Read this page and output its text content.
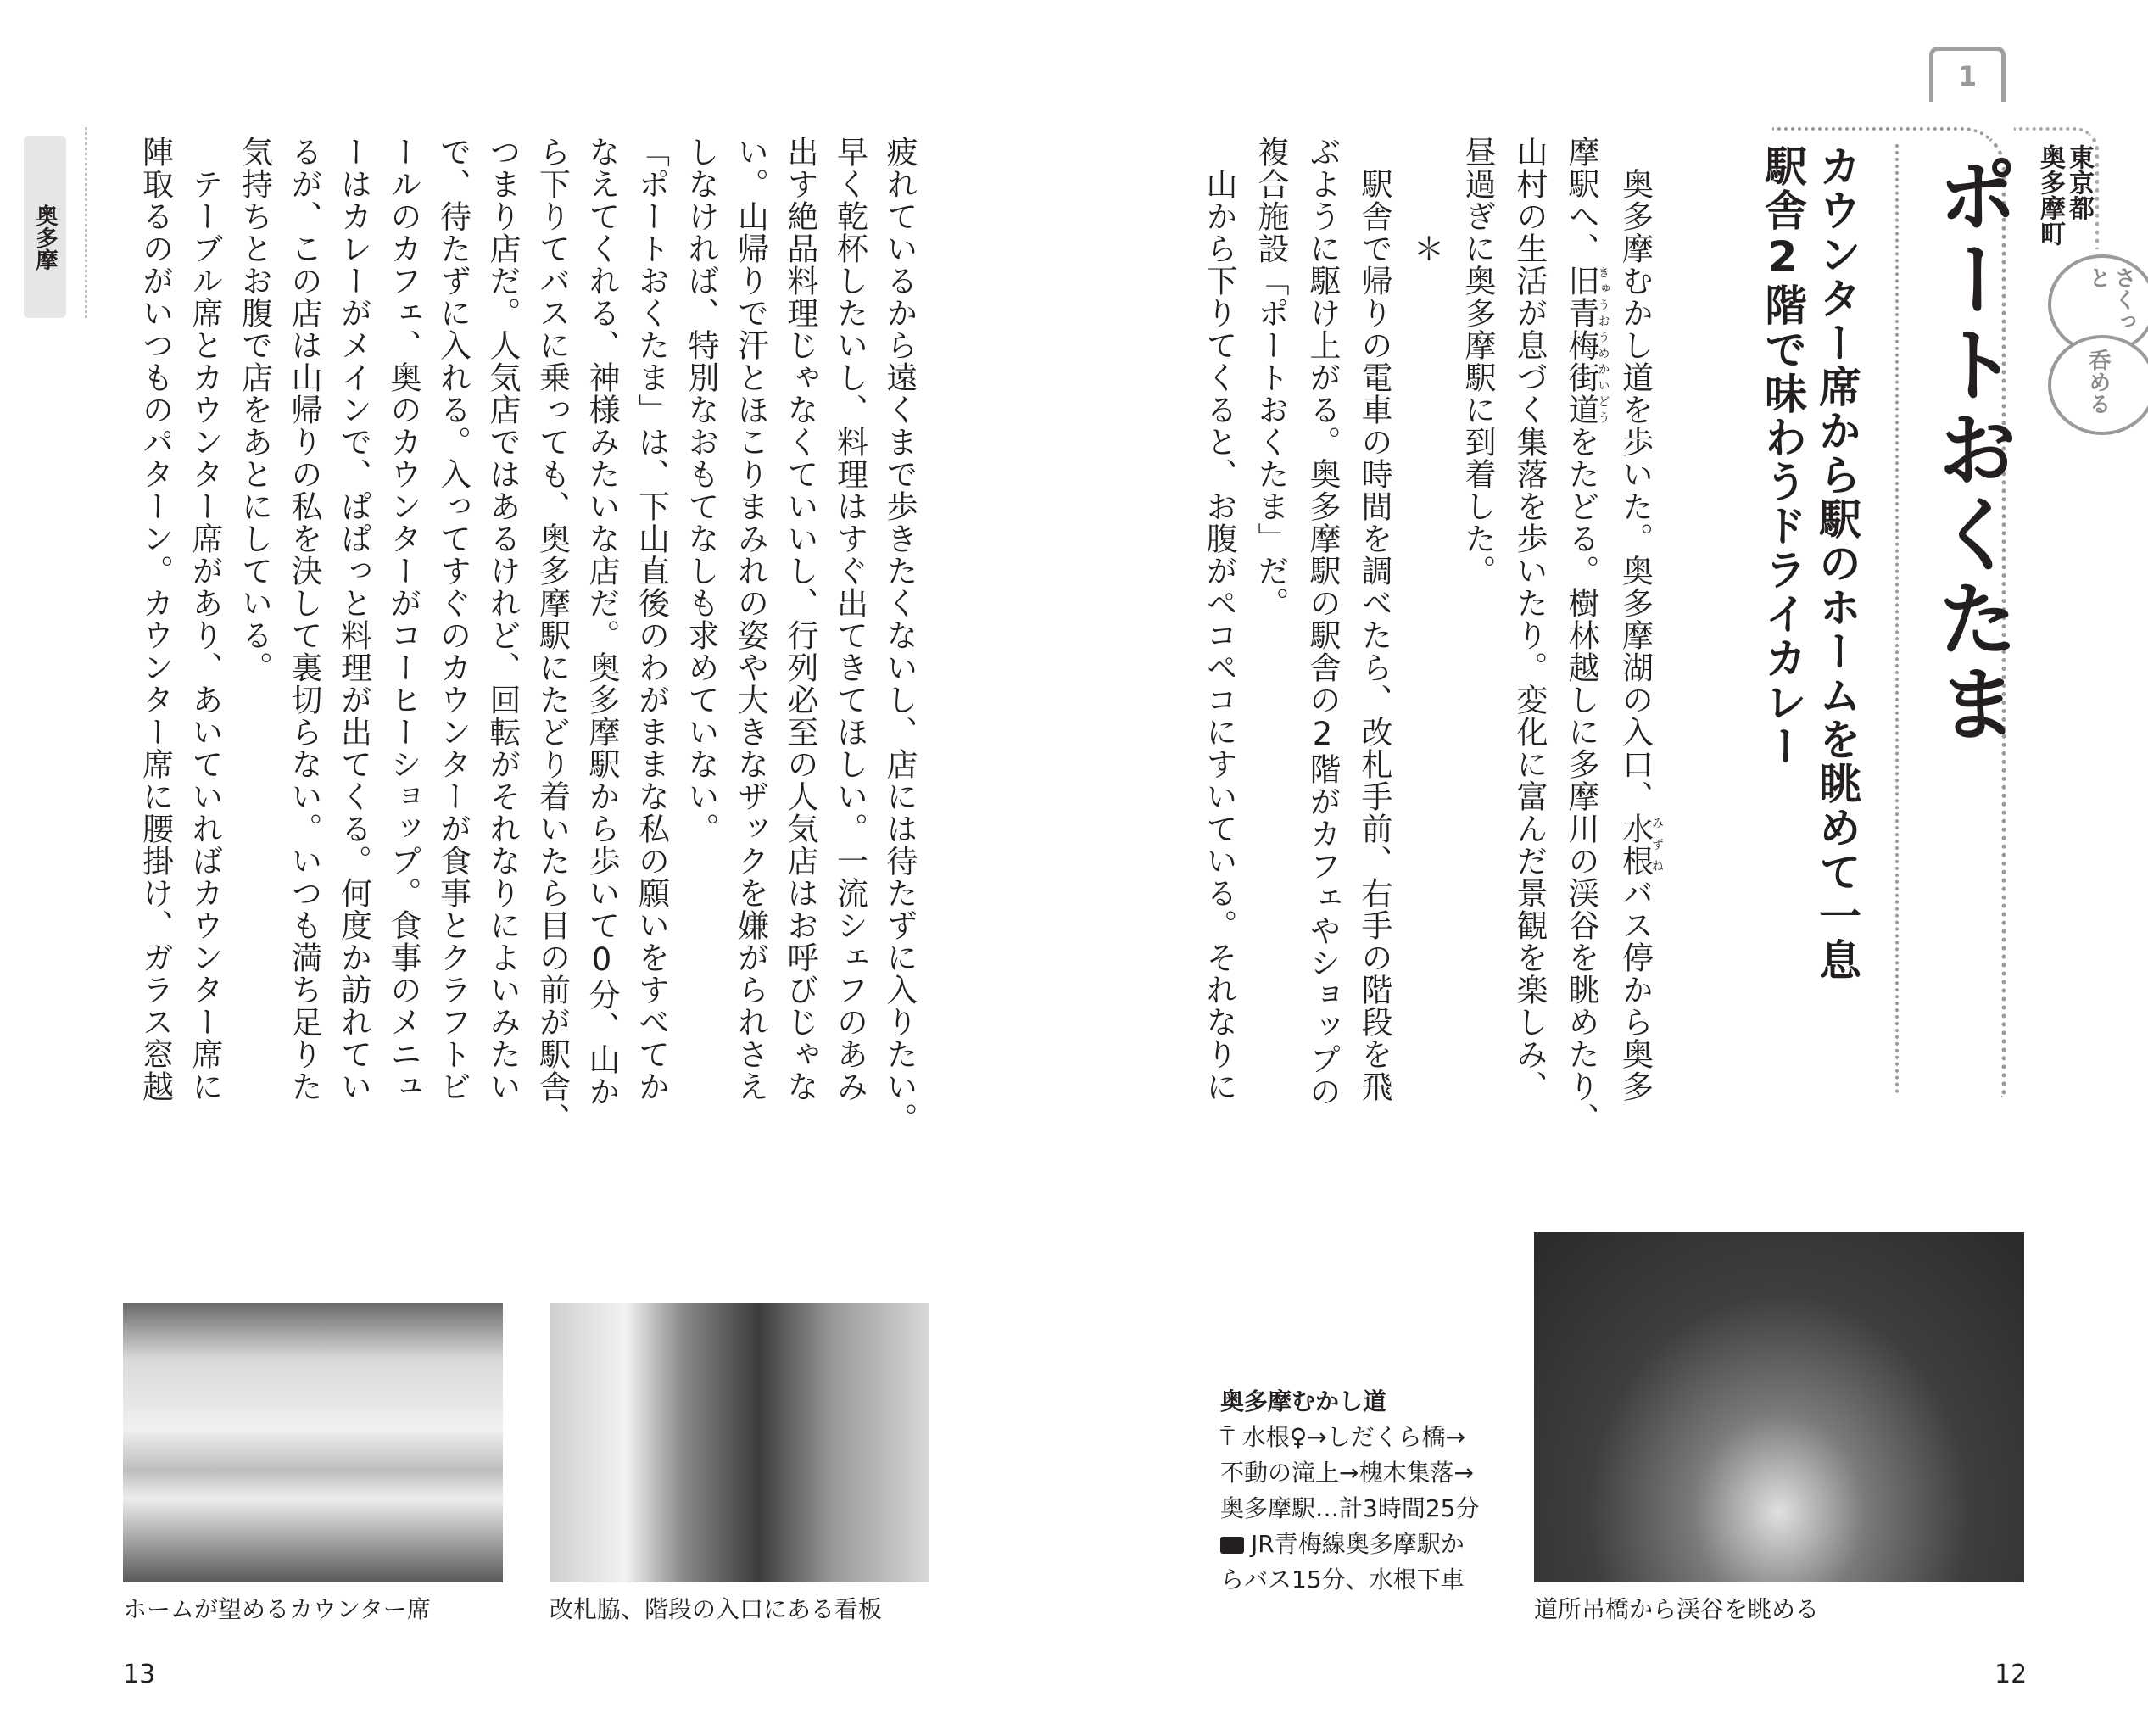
奥多摩
1
ポートおくたま
カウンター席から駅のホームを眺めて一息
駅舎2階で味わうドライカレー	東京都
奥多摩町
さくっと
呑める
　奥多摩むかし道を歩いた。奥多摩湖の入口、水根みずねバス停から奥多
摩駅へ、旧青梅街道きゅうおうめかいどうをたどる。樹林越しに多摩川の渓谷を眺めたり、
山村の生活が息づく集落を歩いたり。変化に富んだ景観を楽しみ、
昼過ぎに奥多摩駅に到着した。
　　　＊
　駅舎で帰りの電車の時間を調べたら、改札手前、右手の階段を飛
ぶように駆け上がる。奥多摩駅の駅舎の2階がカフェやショップの
複合施設「ポートおくたま」だ。
　山から下りてくると、お腹がペコペコにすいている。それなりに
疲れているから遠くまで歩きたくないし、店には待たずに入りたい。
早く乾杯したいし、料理はすぐ出てきてほしい。一流シェフのあみ
出す絶品料理じゃなくていいし、行列必至の人気店はお呼びじゃな
い。山帰りで汗とほこりまみれの姿や大きなザックを嫌がられさえ
しなければ、特別なおもてなしも求めていない。
「ポートおくたま」は、下山直後のわがままな私の願いをすべてか
なえてくれる、神様みたいな店だ。奥多摩駅から歩いて0分、山か
ら下りてバスに乗っても、奥多摩駅にたどり着いたら目の前が駅舎、
つまり店だ。人気店ではあるけれど、回転がそれなりによいみたい
で、待たずに入れる。入ってすぐのカウンターが食事とクラフトビ
ールのカフェ、奥のカウンターがコーヒーショップ。食事のメニュ
ーはカレーがメインで、ぱぱっと料理が出てくる。何度か訪れてい
るが、この店は山帰りの私を決して裏切らない。いつも満ち足りた
気持ちとお腹で店をあとにしている。
　テーブル席とカウンター席があり、あいていればカウンター席に
陣取るのがいつものパターン。カウンター席に腰掛け、ガラス窓越
ホームが望めるカウンター席	改札脇、階段の入口にある看板	道所吊橋から渓谷を眺める
奥多摩むかし道
⍑ 水根♀→しだくら橋→
不動の滝上→槐木集落→
奥多摩駅…計3時間25分
JR青梅線奥多摩駅か
らバス15分、水根下車
13	12
